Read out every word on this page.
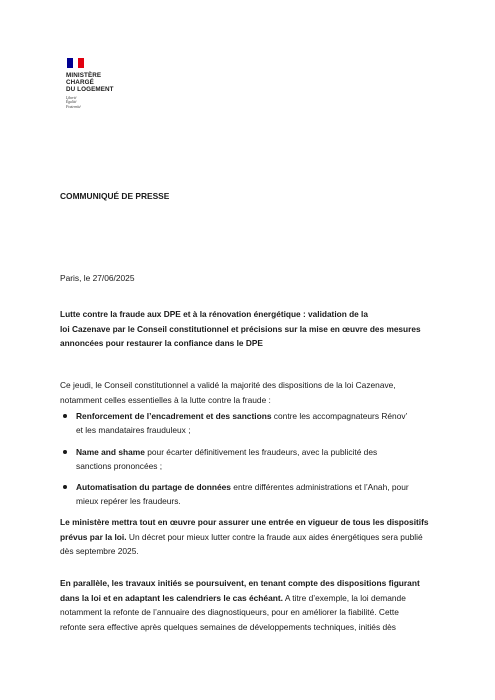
MINISTÈRE
CHARGÉ
DU LOGEMENT
Liberté
Égalité
Fraternité
COMMUNIQUÉ DE PRESSE
Paris, le 27/06/2025
Lutte contre la fraude aux DPE et à la rénovation énergétique : validation de la
loi Cazenave par le Conseil constitutionnel et précisions sur la mise en œuvre des mesures
annoncées pour restaurer la confiance dans le DPE
Ce jeudi, le Conseil constitutionnel a validé la majorité des dispositions de la loi Cazenave,
notamment celles essentielles à la lutte contre la fraude :
Renforcement de l’encadrement et des sanctions contre les accompagnateurs Rénov’
et les mandataires frauduleux ;
Name and shame pour écarter définitivement les fraudeurs, avec la publicité des
sanctions prononcées ;
Automatisation du partage de données entre différentes administrations et l’Anah, pour
mieux repérer les fraudeurs.
Le ministère mettra tout en œuvre pour assurer une entrée en vigueur de tous les dispositifs
prévus par la loi. Un décret pour mieux lutter contre la fraude aux aides énergétiques sera publié
dès septembre 2025.
En parallèle, les travaux initiés se poursuivent, en tenant compte des dispositions figurant
dans la loi et en adaptant les calendriers le cas échéant. A titre d’exemple, la loi demande
notamment la refonte de l’annuaire des diagnostiqueurs, pour en améliorer la fiabilité. Cette
refonte sera effective après quelques semaines de développements techniques, initiés dès
